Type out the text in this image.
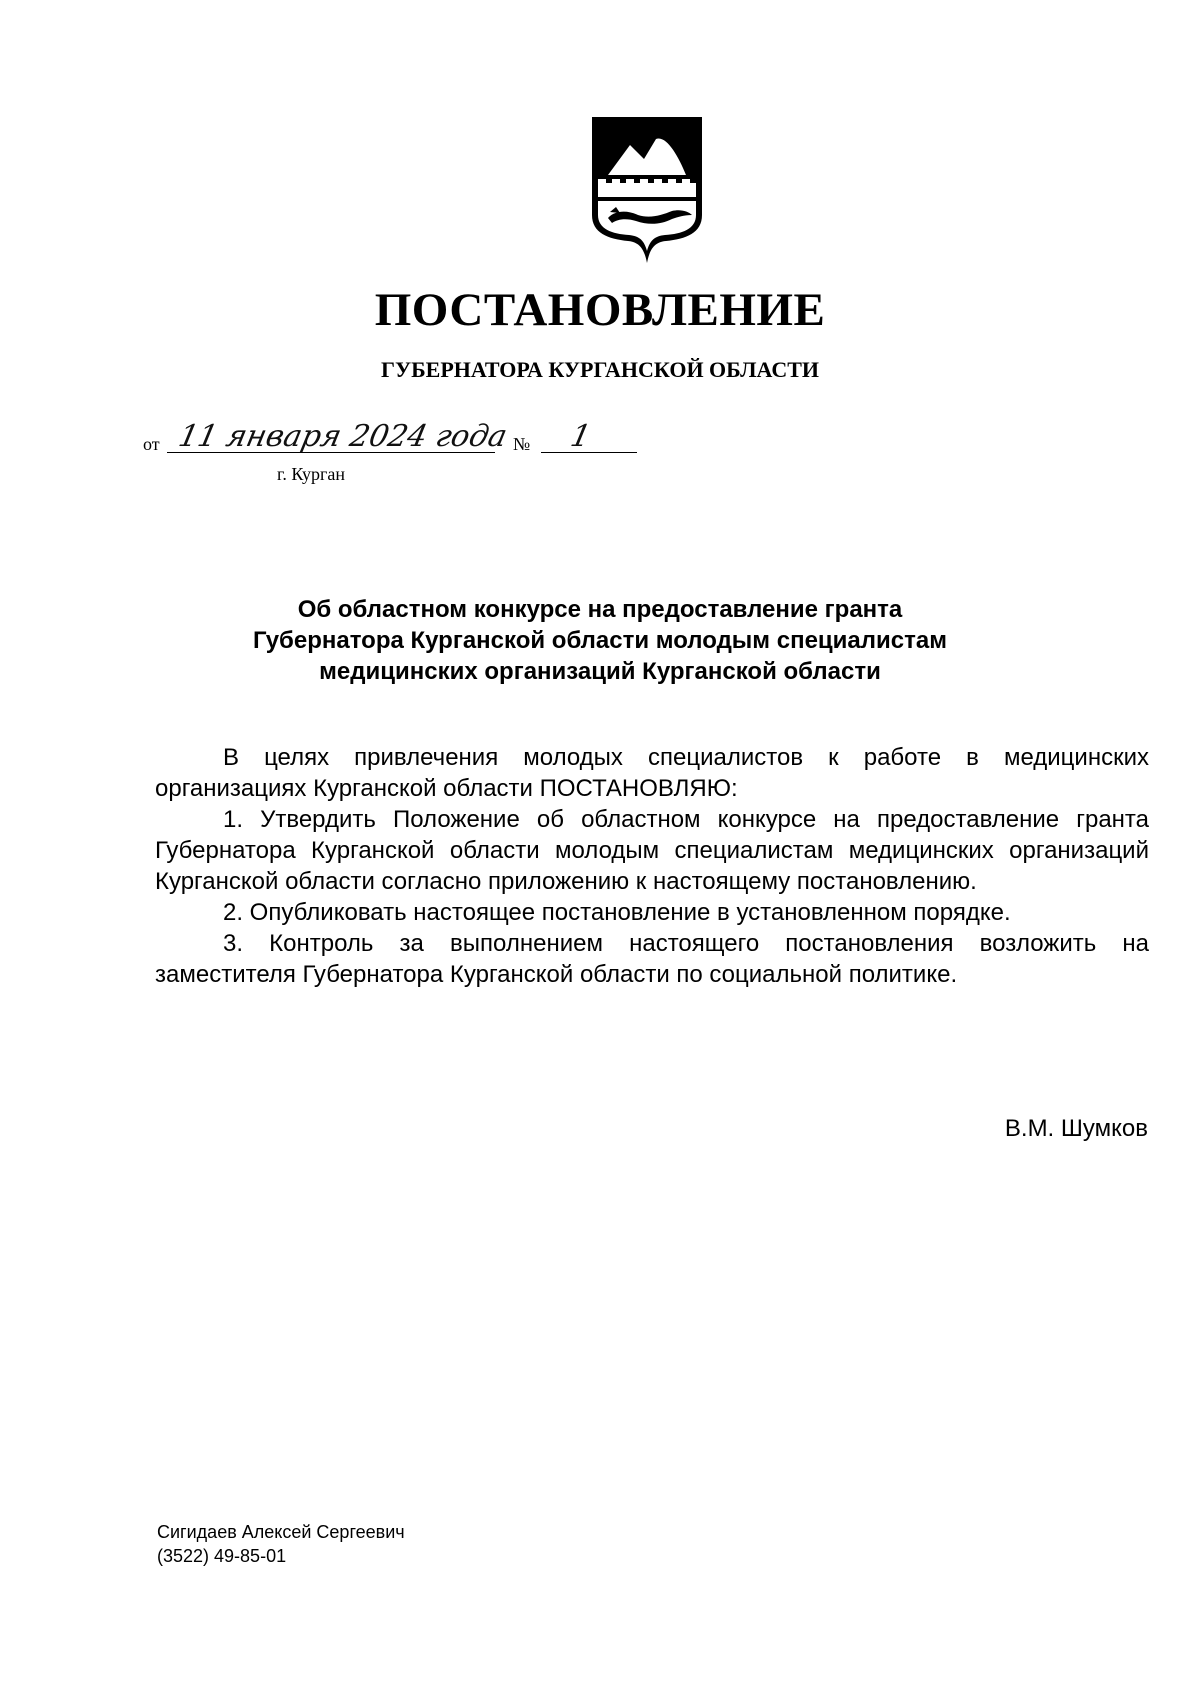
ПОСТАНОВЛЕНИЕ
ГУБЕРНАТОРА КУРГАНСКОЙ ОБЛАСТИ
от 11 января 2024 года № 1
г. Курган
Об областном конкурсе на предоставление гранта
Губернатора Курганской области молодым специалистам
медицинских организаций Курганской области

В целях привлечения молодых специалистов к работе в медицинских организациях Курганской области ПОСТАНОВЛЯЮ:

1. Утвердить Положение об областном конкурсе на предоставление гранта Губернатора Курганской области молодым специалистам медицинских организаций Курганской области согласно приложению к настоящему постановлению.

2. Опубликовать настоящее постановление в установленном порядке.

3. Контроль за выполнением настоящего постановления возложить на заместителя Губернатора Курганской области по социальной политике.

В.М. Шумков
Сигидаев Алексей Сергеевич
(3522) 49-85-01
